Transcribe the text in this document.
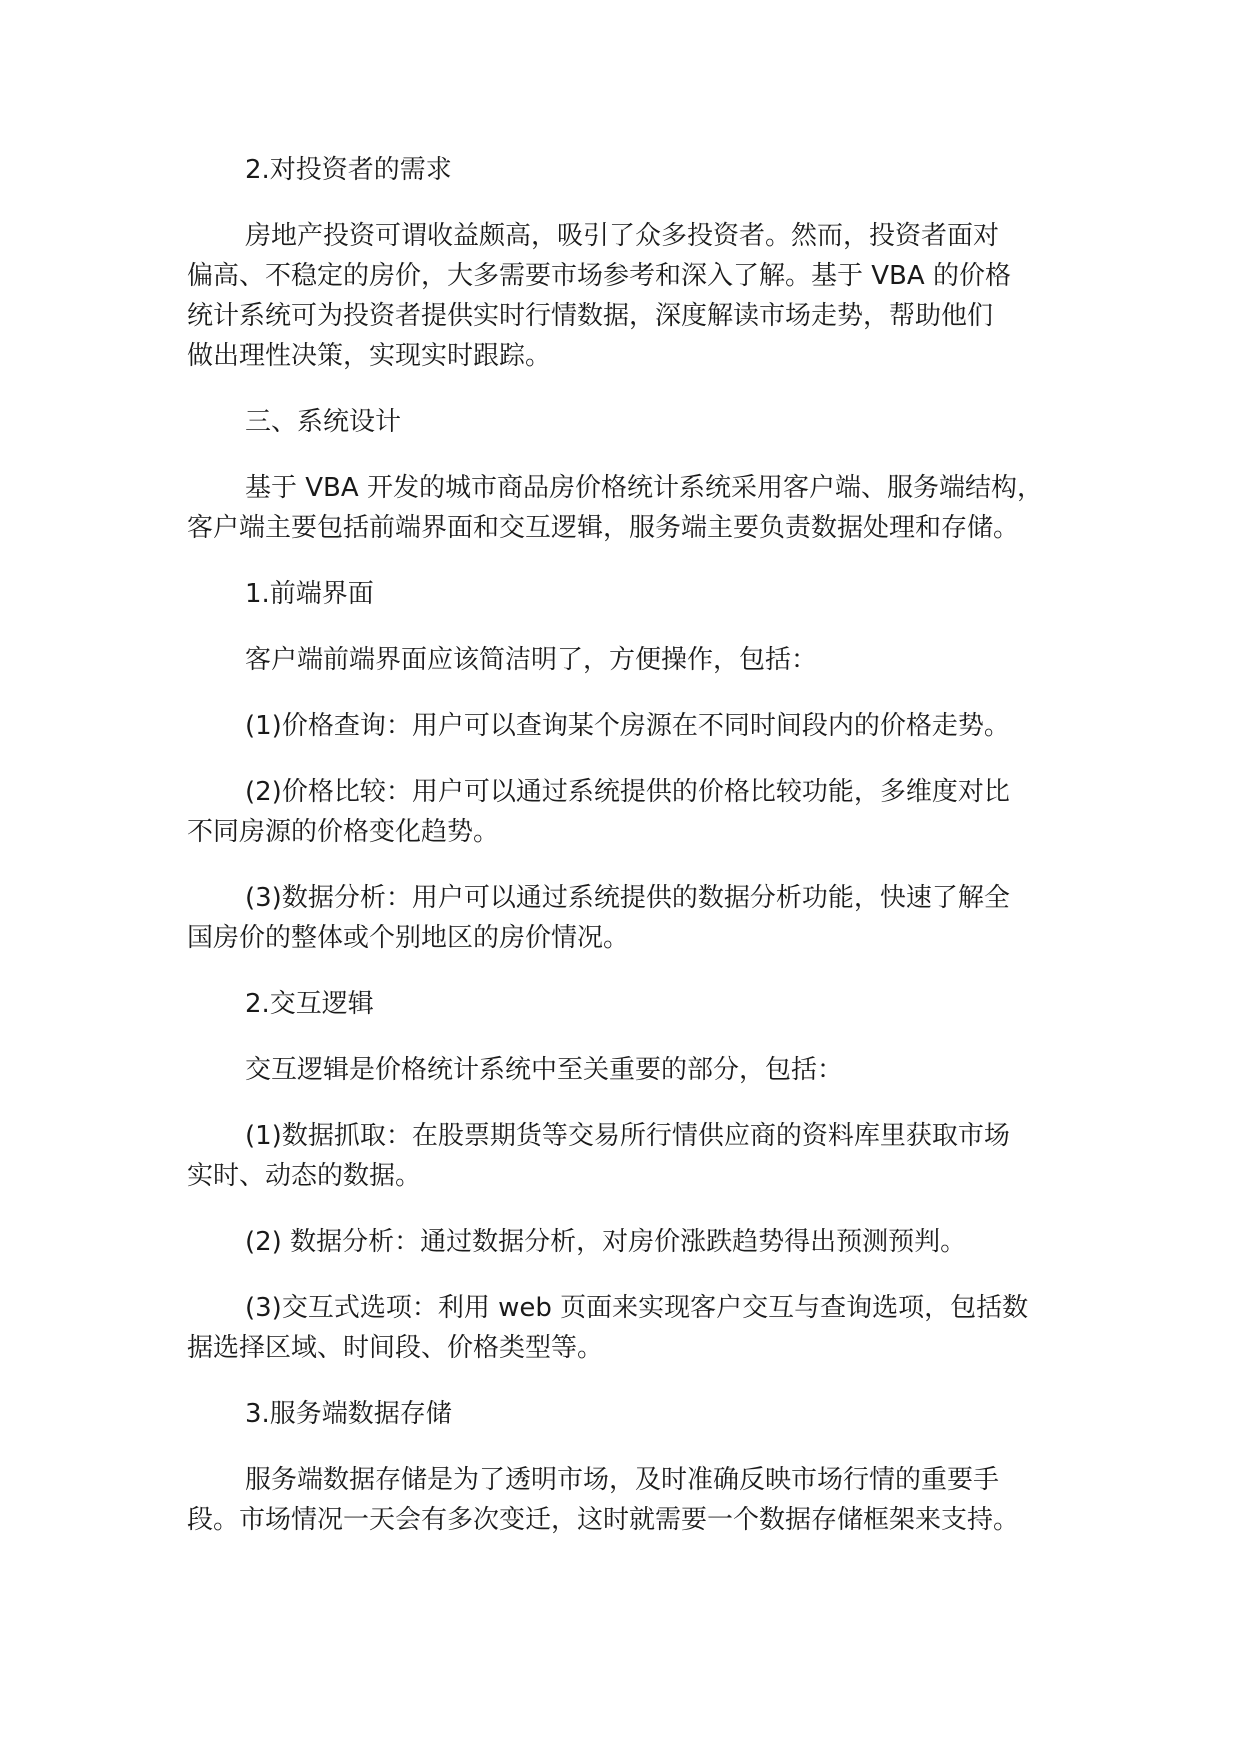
2.对投资者的需求
房地产投资可谓收益颇高，吸引了众多投资者。然而，投资者面对
偏高、不稳定的房价，大多需要市场参考和深入了解。基于 VBA 的价格
统计系统可为投资者提供实时行情数据，深度解读市场走势，帮助他们
做出理性决策，实现实时跟踪。
三、系统设计
基于 VBA 开发的城市商品房价格统计系统采用客户端、服务端结构，
客户端主要包括前端界面和交互逻辑，服务端主要负责数据处理和存储。
1.前端界面
客户端前端界面应该简洁明了，方便操作，包括：
(1)价格查询：用户可以查询某个房源在不同时间段内的价格走势。
(2)价格比较：用户可以通过系统提供的价格比较功能，多维度对比
不同房源的价格变化趋势。
(3)数据分析：用户可以通过系统提供的数据分析功能，快速了解全
国房价的整体或个别地区的房价情况。
2.交互逻辑
交互逻辑是价格统计系统中至关重要的部分，包括：
(1)数据抓取：在股票期货等交易所行情供应商的资料库里获取市场
实时、动态的数据。
(2) 数据分析：通过数据分析，对房价涨跌趋势得出预测预判。
(3)交互式选项：利用 web 页面来实现客户交互与查询选项，包括数
据选择区域、时间段、价格类型等。
3.服务端数据存储
服务端数据存储是为了透明市场，及时准确反映市场行情的重要手
段。市场情况一天会有多次变迁，这时就需要一个数据存储框架来支持。
